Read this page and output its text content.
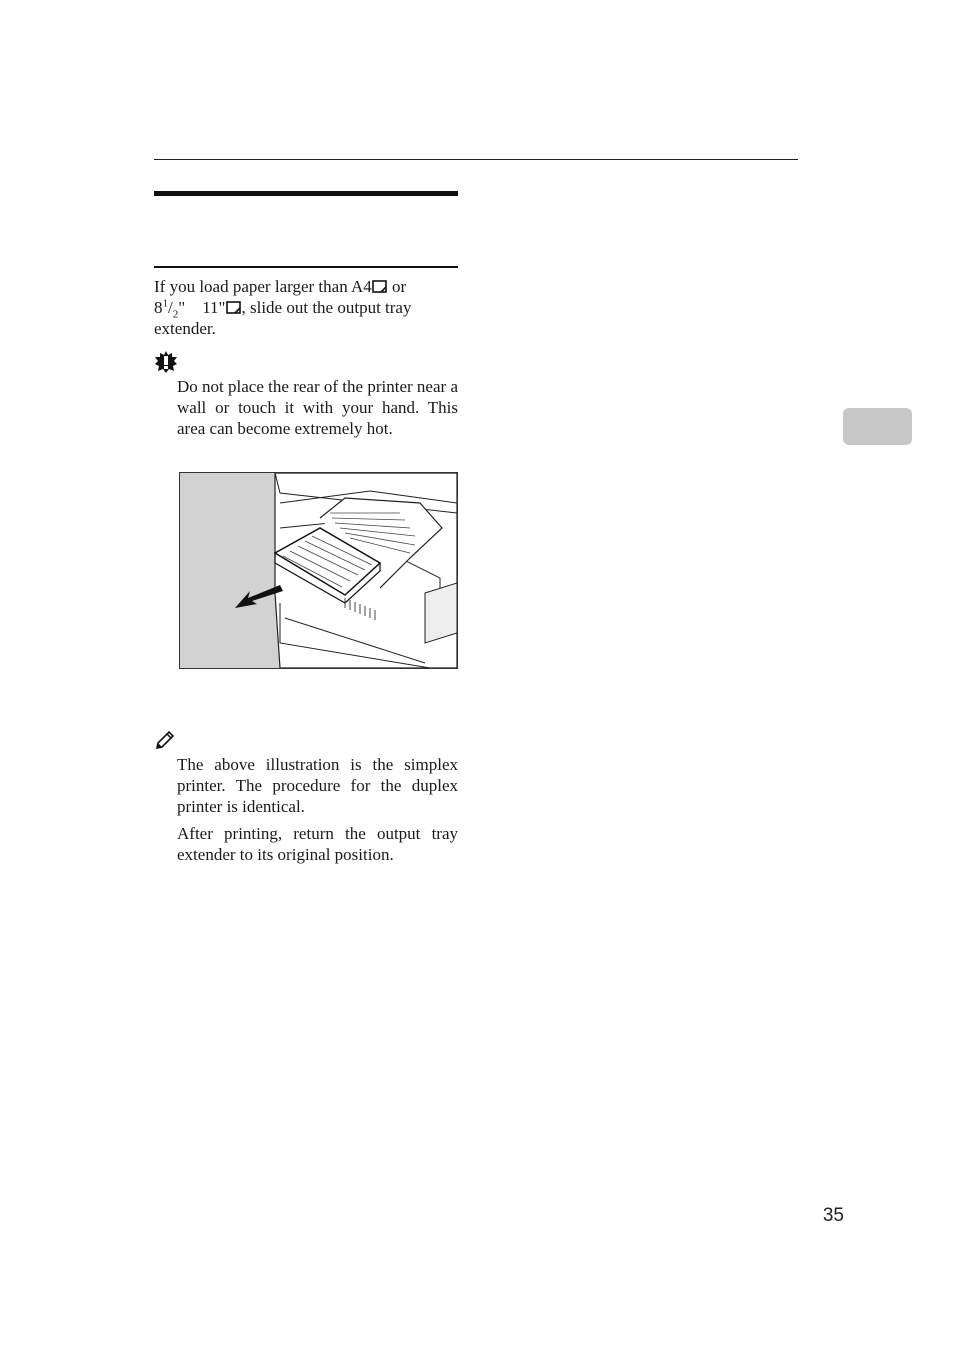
If you load paper larger than A4 or
$8^1/_2$" 11" , slide out the output tray extender.

Do not place the rear of the printer near a wall or touch it with your hand. This area can become extremely hot.

The above illustration is the simplex printer. The procedure for the duplex printer is identical.

After printing, return the output tray extender to its original position.

35
